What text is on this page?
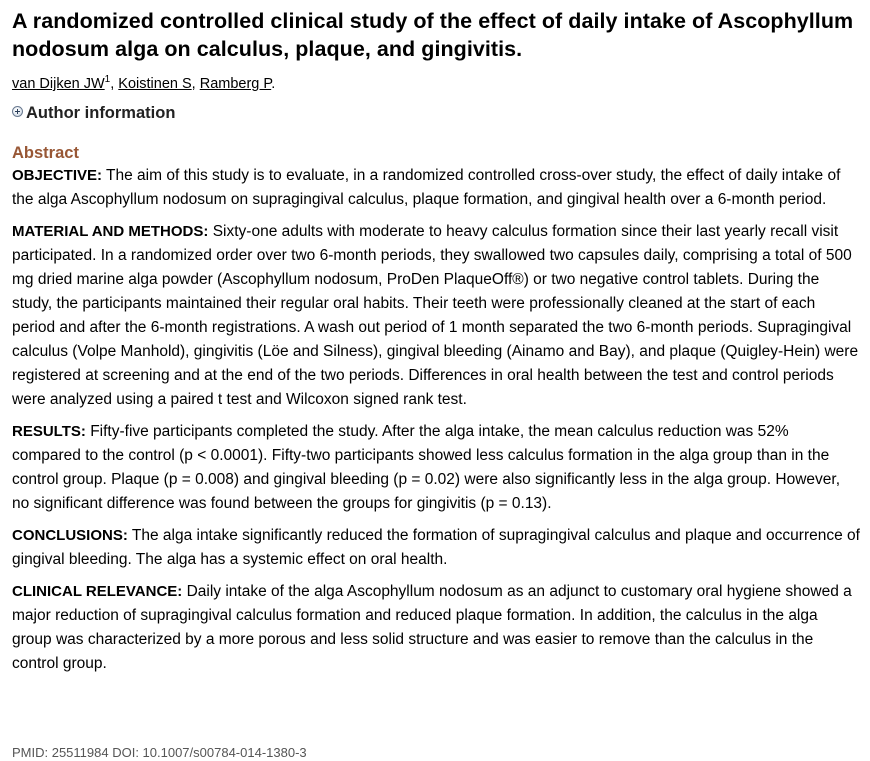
A randomized controlled clinical study of the effect of daily intake of Ascophyllum nodosum alga on calculus, plaque, and gingivitis.
van Dijken $JW^1$, Koistinen S, Ramberg P.
Author information
Abstract

OBJECTIVE: The aim of this study is to evaluate, in a randomized controlled cross-over study, the effect of daily intake of the alga Ascophyllum nodosum on supragingival calculus, plaque formation, and gingival health over a 6-month period.

MATERIAL AND METHODS: Sixty-one adults with moderate to heavy calculus formation since their last yearly recall visit participated. In a randomized order over two 6-month periods, they swallowed two capsules daily, comprising a total of 500 mg dried marine alga powder (Ascophyllum nodosum, ProDen PlaqueOff®) or two negative control tablets. During the study, the participants maintained their regular oral habits. Their teeth were professionally cleaned at the start of each period and after the 6-month registrations. A wash out period of 1 month separated the two 6-month periods. Supragingival calculus (Volpe Manhold), gingivitis (Löe and Silness), gingival bleeding (Ainamo and Bay), and plaque (Quigley-Hein) were registered at screening and at the end of the two periods. Differences in oral health between the test and control periods were analyzed using a paired t test and Wilcoxon signed rank test.

RESULTS: Fifty-five participants completed the study. After the alga intake, the mean calculus reduction was 52% compared to the control (p < 0.0001). Fifty-two participants showed less calculus formation in the alga group than in the control group. Plaque (p = 0.008) and gingival bleeding (p = 0.02) were also significantly less in the alga group. However, no significant difference was found between the groups for gingivitis (p = 0.13).

CONCLUSIONS: The alga intake significantly reduced the formation of supragingival calculus and plaque and occurrence of gingival bleeding. The alga has a systemic effect on oral health.

CLINICAL RELEVANCE: Daily intake of the alga Ascophyllum nodosum as an adjunct to customary oral hygiene showed a major reduction of supragingival calculus formation and reduced plaque formation. In addition, the calculus in the alga group was characterized by a more porous and less solid structure and was easier to remove than the calculus in the control group.

PMID: 25511984 DOI: 10.1007/s00784-014-1380-3
